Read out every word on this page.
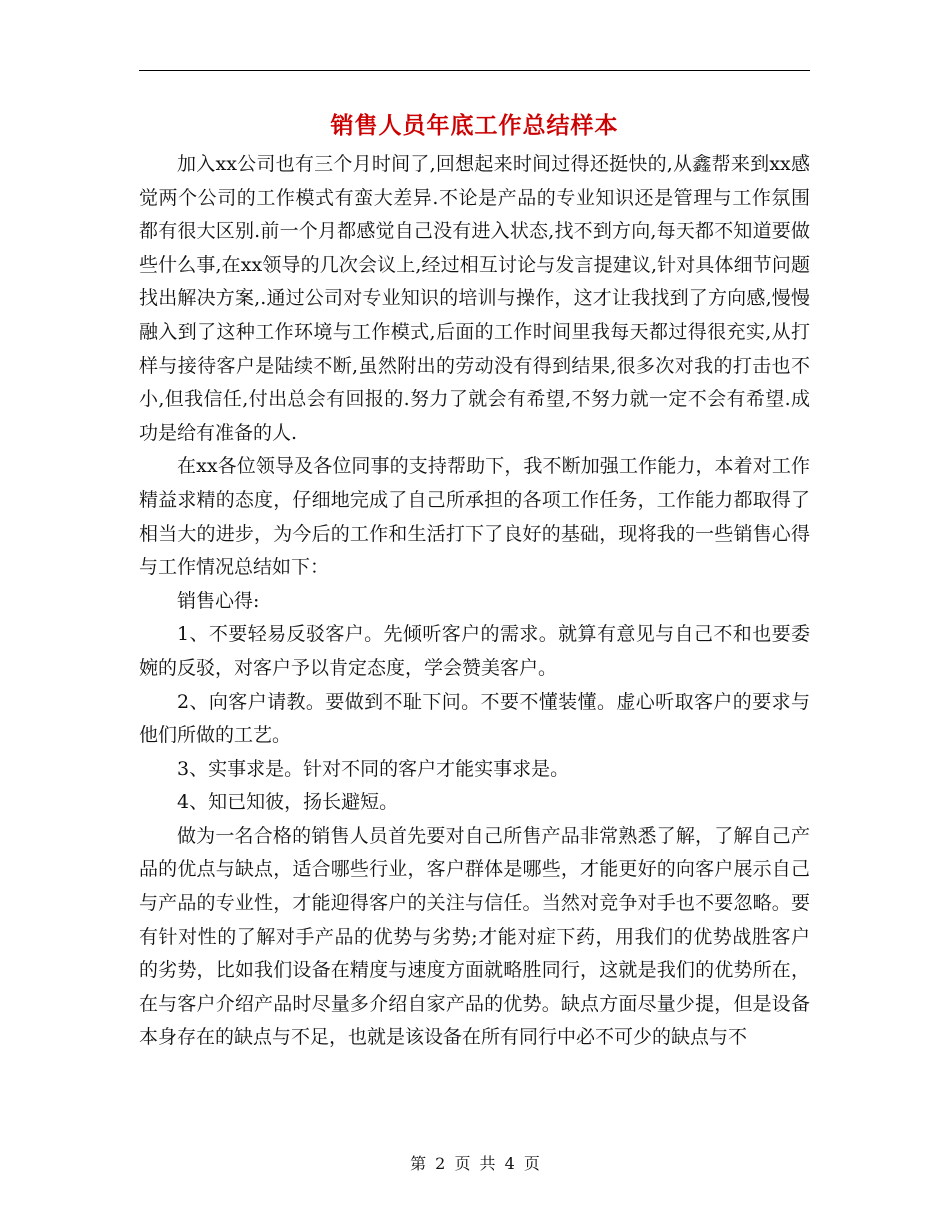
销售人员年底工作总结样本

加入xx公司也有三个月时间了,回想起来时间过得还挺快的,从鑫帮来到xx感觉两个公司的工作模式有蛮大差异.不论是产品的专业知识还是管理与工作氛围都有很大区别.前一个月都感觉自己没有进入状态,找不到方向,每天都不知道要做些什么事,在xx领导的几次会议上,经过相互讨论与发言提建议,针对具体细节问题找出解决方案,.通过公司对专业知识的培训与操作，这才让我找到了方向感,慢慢融入到了这种工作环境与工作模式,后面的工作时间里我每天都过得很充实,从打样与接待客户是陆续不断,虽然附出的劳动没有得到结果,很多次对我的打击也不小,但我信任,付出总会有回报的.努力了就会有希望,不努力就一定不会有希望.成功是给有准备的人.

在xx各位领导及各位同事的支持帮助下，我不断加强工作能力，本着对工作精益求精的态度，仔细地完成了自己所承担的各项工作任务，工作能力都取得了相当大的进步，为今后的工作和生活打下了良好的基础，现将我的一些销售心得与工作情况总结如下：

销售心得:

1、不要轻易反驳客户。先倾听客户的需求。就算有意见与自己不和也要委婉的反驳，对客户予以肯定态度，学会赞美客户。

2、向客户请教。要做到不耻下问。不要不懂装懂。虚心听取客户的要求与他们所做的工艺。

3、实事求是。针对不同的客户才能实事求是。

4、知已知彼，扬长避短。

做为一名合格的销售人员首先要对自己所售产品非常熟悉了解，了解自己产品的优点与缺点，适合哪些行业，客户群体是哪些，才能更好的向客户展示自己与产品的专业性，才能迎得客户的关注与信任。当然对竞争对手也不要忽略。要有针对性的了解对手产品的优势与劣势;才能对症下药，用我们的优势战胜客户的劣势，比如我们设备在精度与速度方面就略胜同行，这就是我们的优势所在，在与客户介绍产品时尽量多介绍自家产品的优势。缺点方面尽量少提，但是设备本身存在的缺点与不足，也就是该设备在所有同行中必不可少的缺点与不

第 2 页 共 4 页
